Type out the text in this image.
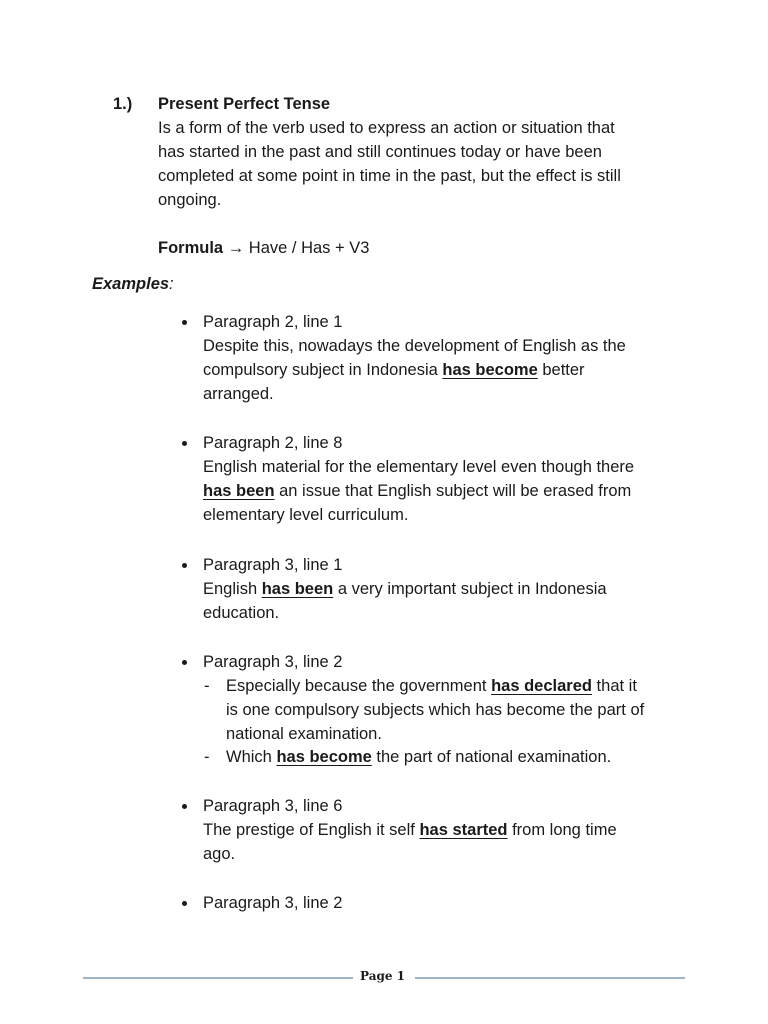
1.) Present Perfect Tense
Is a form of the verb used to express an action or situation that
has started in the past and still continues today or have been
completed at some point in time in the past, but the effect is still
ongoing.
Formula → Have / Has + V3
Examples:
Paragraph 2, line 1
Despite this, nowadays the development of English as the
compulsory subject in Indonesia has become better
arranged.
Paragraph 2, line 8
English material for the elementary level even though there
has been an issue that English subject will be erased from
elementary level curriculum.
Paragraph 3, line 1
English has been a very important subject in Indonesia
education.
Paragraph 3, line 2
- Especially because the government has declared that it
is one compulsory subjects which has become the part of
national examination.
- Which has become the part of national examination.
Paragraph 3, line 6
The prestige of English it self has started from long time
ago.
Paragraph 3, line 2
Page 1
